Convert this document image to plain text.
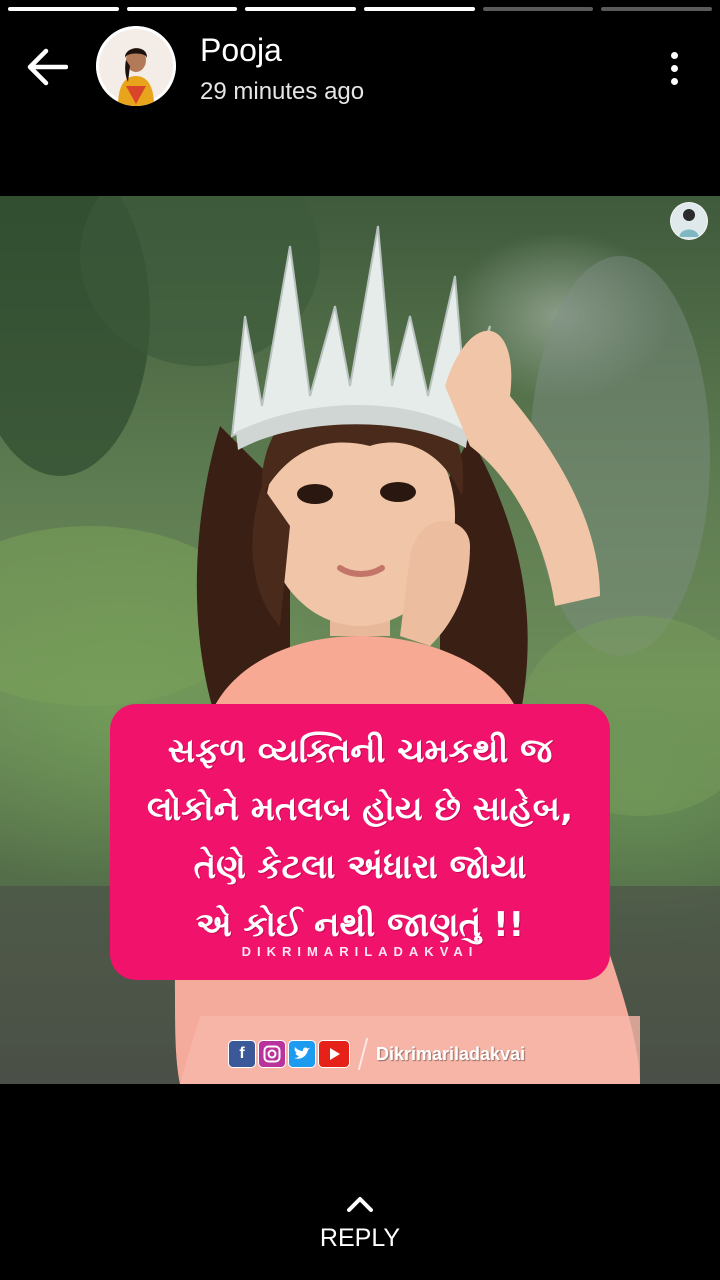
Pooja
29 minutes ago
સફળ વ્યક્તિની ચમકથી જ
લોકોને મતલબ હોય છે સાહેબ,
તેણે કેટલા અંધારા જોયા
એ કોઈ નથી જાણતું !!
DIKRIMARILADAKVAI
f	Dikrimariladakvai
REPLY
